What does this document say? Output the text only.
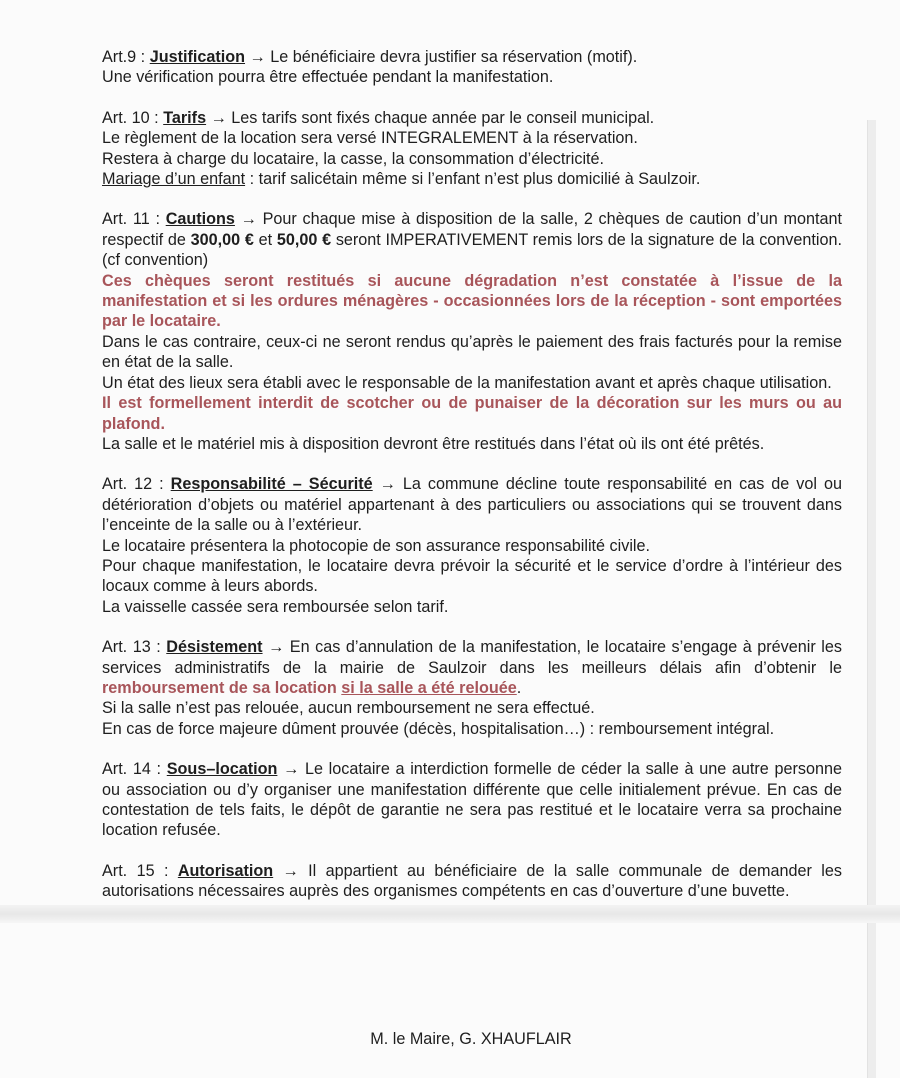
Art.9 : Justification → Le bénéficiaire devra justifier sa réservation (motif).

Une vérification pourra être effectuée pendant la manifestation.

Art. 10 : Tarifs → Les tarifs sont fixés chaque année par le conseil municipal.

Le règlement de la location sera versé INTEGRALEMENT à la réservation.

Restera à charge du locataire, la casse, la consommation d’électricité.

Mariage d’un enfant : tarif salicétain même si l’enfant n’est plus domicilié à Saulzoir.

Art. 11 : Cautions → Pour chaque mise à disposition de la salle, 2 chèques de caution d’un montant respectif de 300,00 € et 50,00 € seront IMPERATIVEMENT remis lors de la signature de la convention. (cf convention)

Ces chèques seront restitués si aucune dégradation n’est constatée à l’issue de la manifestation et si les ordures ménagères - occasionnées lors de la réception - sont emportées par le locataire.

Dans le cas contraire, ceux-ci ne seront rendus qu’après le paiement des frais facturés pour la remise en état de la salle.

Un état des lieux sera établi avec le responsable de la manifestation avant et après chaque utilisation.

Il est formellement interdit de scotcher ou de punaiser de la décoration sur les murs ou au plafond.

La salle et le matériel mis à disposition devront être restitués dans l’état où ils ont été prêtés.

Art. 12 : Responsabilité – Sécurité → La commune décline toute responsabilité en cas de vol ou détérioration d’objets ou matériel appartenant à des particuliers ou associations qui se trouvent dans l’enceinte de la salle ou à l’extérieur.

Le locataire présentera la photocopie de son assurance responsabilité civile.

Pour chaque manifestation, le locataire devra prévoir la sécurité et le service d’ordre à l’intérieur des locaux comme à leurs abords.

La vaisselle cassée sera remboursée selon tarif.

Art. 13 : Désistement → En cas d’annulation de la manifestation, le locataire s’engage à prévenir les services administratifs de la mairie de Saulzoir dans les meilleurs délais afin d’obtenir le remboursement de sa location si la salle a été relouée.

Si la salle n’est pas relouée, aucun remboursement ne sera effectué.

En cas de force majeure dûment prouvée (décès, hospitalisation…) : remboursement intégral.

Art. 14 : Sous–location → Le locataire a interdiction formelle de céder la salle à une autre personne ou association ou d’y organiser une manifestation différente que celle initialement prévue. En cas de contestation de tels faits, le dépôt de garantie ne sera pas restitué et le locataire verra sa prochaine location refusée.

Art. 15 : Autorisation → Il appartient au bénéficiaire de la salle communale de demander les autorisations nécessaires auprès des organismes compétents en cas d’ouverture d’une buvette.

M. le Maire, G. XHAUFLAIR
